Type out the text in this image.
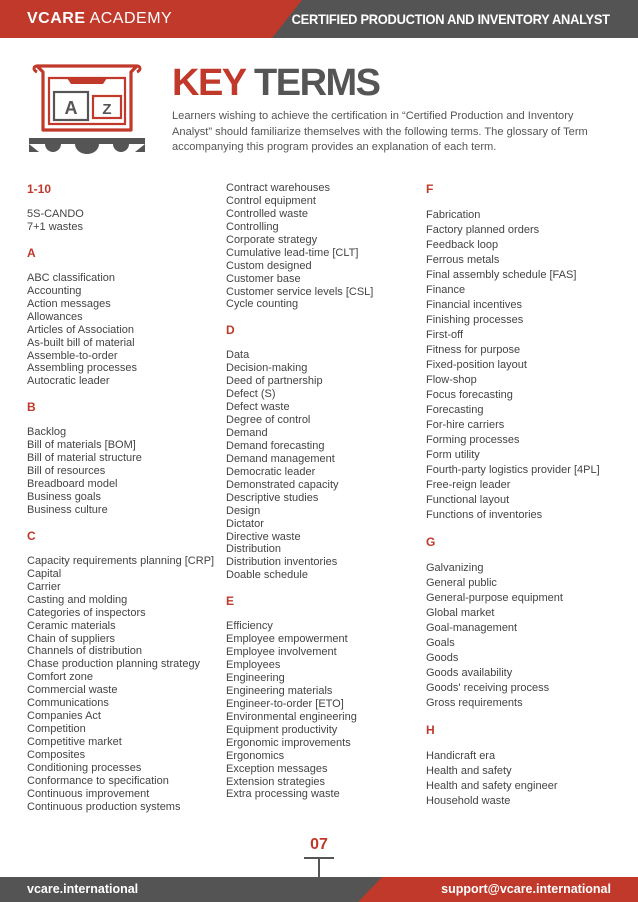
VCARE ACADEMY	CERTIFIED PRODUCTION AND INVENTORY ANALYST
A Z
KEY TERMS
Learners wishing to achieve the certification in “Certified Production and Inventory Analyst” should familiarize themselves with the following terms. The glossary of Term accompanying this program provides an explanation of each term.
1-10
5S-CANDO
7+1 wastes
A
ABC classification
Accounting
Action messages
Allowances
Articles of Association
As-built bill of material
Assemble-to-order
Assembling processes
Autocratic leader
B
Backlog
Bill of materials [BOM]
Bill of material structure
Bill of resources
Breadboard model
Business goals
Business culture
C
Capacity requirements planning [CRP]
Capital
Carrier
Casting and molding
Categories of inspectors
Ceramic materials
Chain of suppliers
Channels of distribution
Chase production planning strategy
Comfort zone
Commercial waste
Communications
Companies Act
Competition
Competitive market
Composites
Conditioning processes
Conformance to specification
Continuous improvement
Continuous production systems
Contract warehouses
Control equipment
Controlled waste
Controlling
Corporate strategy
Cumulative lead-time [CLT]
Custom designed
Customer base
Customer service levels [CSL]
Cycle counting
D
Data
Decision-making
Deed of partnership
Defect (S)
Defect waste
Degree of control
Demand
Demand forecasting
Demand management
Democratic leader
Demonstrated capacity
Descriptive studies
Design
Dictator
Directive waste
Distribution
Distribution inventories
Doable schedule
E
Efficiency
Employee empowerment
Employee involvement
Employees
Engineering
Engineering materials
Engineer-to-order [ETO]
Environmental engineering
Equipment productivity
Ergonomic improvements
Ergonomics
Exception messages
Extension strategies
Extra processing waste
F
Fabrication
Factory planned orders
Feedback loop
Ferrous metals
Final assembly schedule [FAS]
Finance
Financial incentives
Finishing processes
First-off
Fitness for purpose
Fixed-position layout
Flow-shop
Focus forecasting
Forecasting
For-hire carriers
Forming processes
Form utility
Fourth-party logistics provider [4PL]
Free-reign leader
Functional layout
Functions of inventories
G
Galvanizing
General public
General-purpose equipment
Global market
Goal-management
Goals
Goods
Goods availability
Goods' receiving process
Gross requirements
H
Handicraft era
Health and safety
Health and safety engineer
Household waste
07
vcare.international	support@vcare.international
